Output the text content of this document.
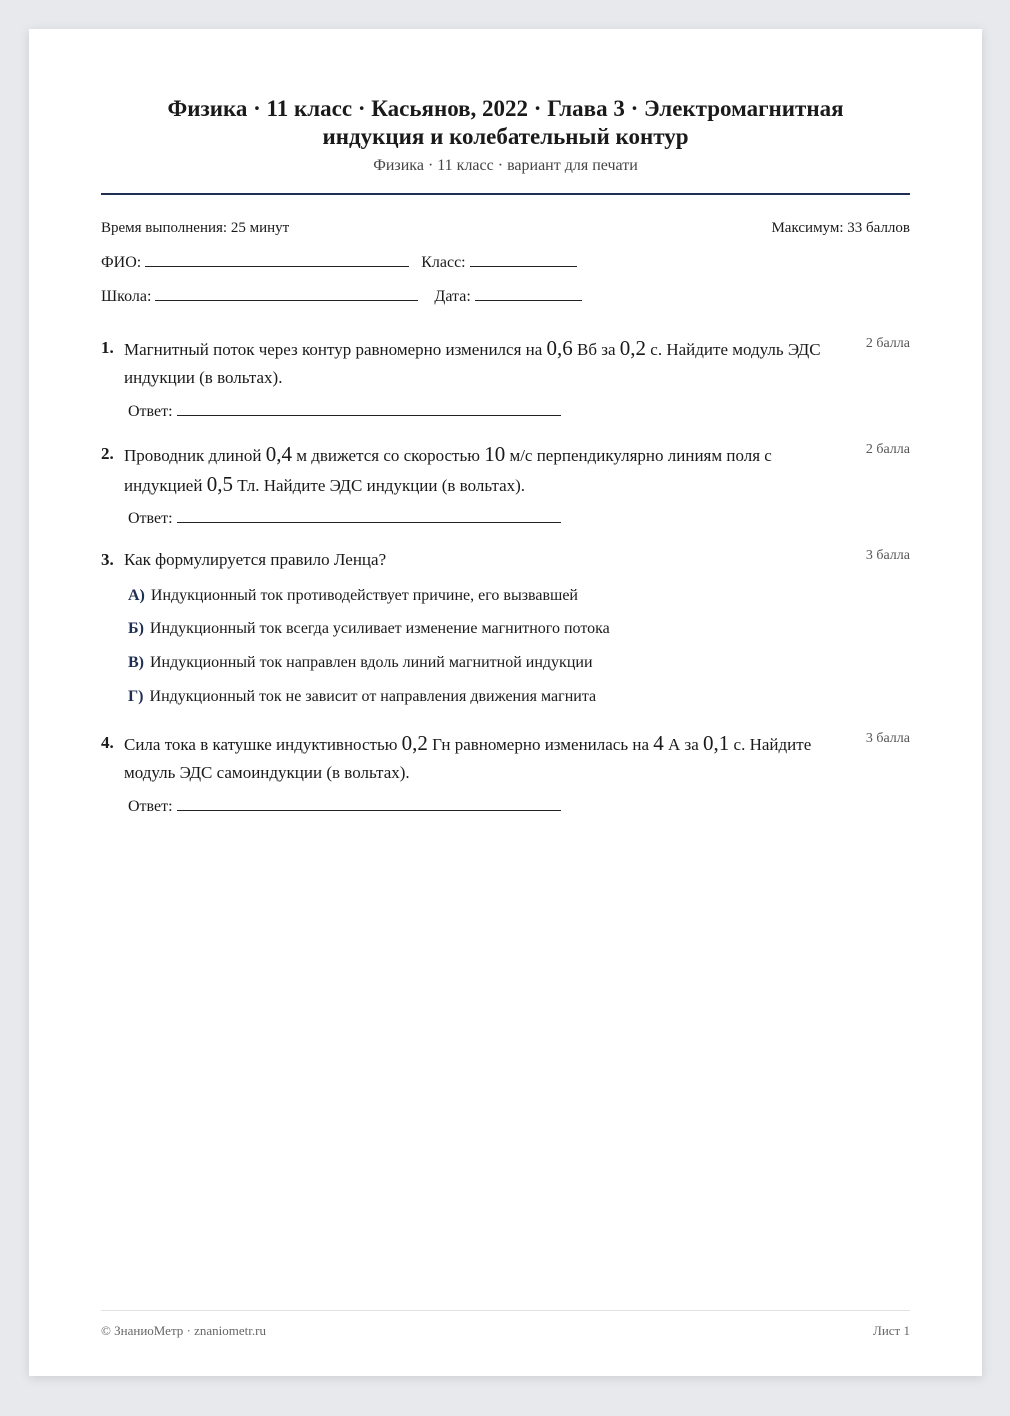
Физика · 11 класс · Касьянов, 2022 · Глава 3 · Электромагнитная индукция и колебательный контур
Физика · 11 класс · вариант для печати
Время выполнения: 25 минут	Максимум: 33 баллов
ФИО:	Класс:
Школа:	Дата:
1. Магнитный поток через контур равномерно изменился на 0,6 Вб за 0,2 с. Найдите модуль ЭДС индукции (в вольтах).
2 балла
Ответ:
2. Проводник длиной 0,4 м движется со скоростью 10 м/с перпендикулярно линиям поля с индукцией 0,5 Тл. Найдите ЭДС индукции (в вольтах).
2 балла
Ответ:
3. Как формулируется правило Ленца?	3 балла
А) Индукционный ток противодействует причине, его вызвавшей
Б) Индукционный ток всегда усиливает изменение магнитного потока
В) Индукционный ток направлен вдоль линий магнитной индукции
Г) Индукционный ток не зависит от направления движения магнита
4. Сила тока в катушке индуктивностью 0,2 Гн равномерно изменилась на 4 А за 0,1 с. Найдите модуль ЭДС самоиндукции (в вольтах).
3 балла
Ответ:
© ЗнаниоМетр · znaniometr.ru	Лист 1
